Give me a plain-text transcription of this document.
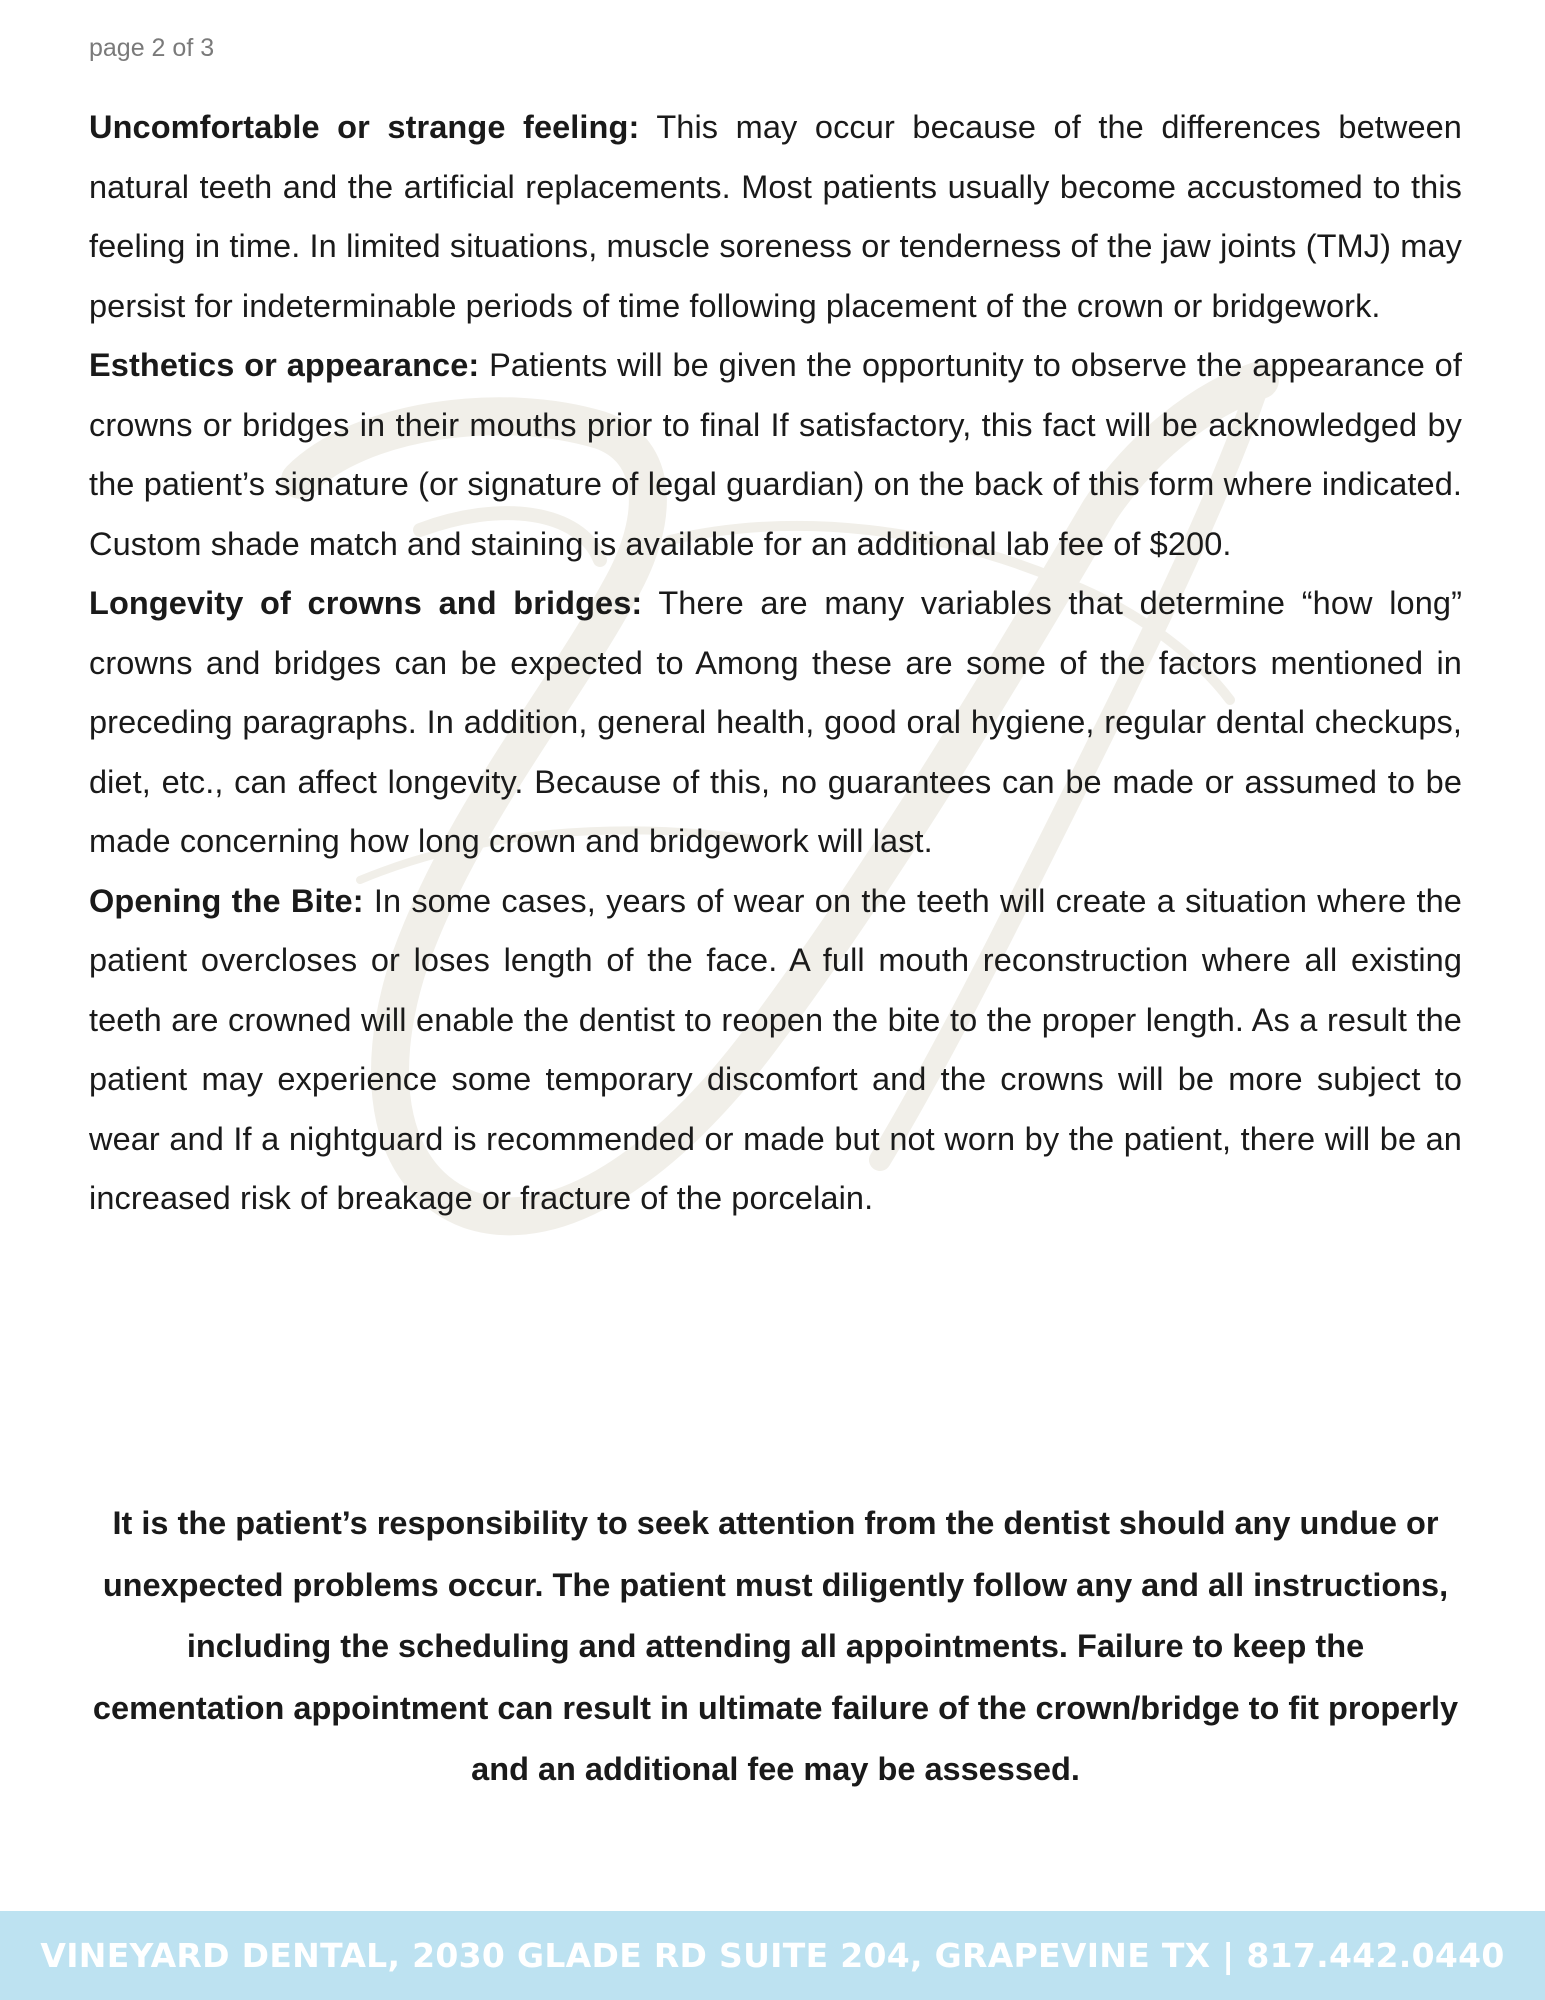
page 2 of 3

Uncomfortable or strange feeling: This may occur because of the differences between natural teeth and the artificial replacements. Most patients usually become accustomed to this feeling in time. In limited situations, muscle soreness or tenderness of the jaw joints (TMJ) may persist for indeterminable periods of time following placement of the crown or bridgework.

Esthetics or appearance: Patients will be given the opportunity to observe the appearance of crowns or bridges in their mouths prior to final If satisfactory, this fact will be acknowledged by the patient’s signature (or signature of legal guardian) on the back of this form where indicated. Custom shade match and staining is available for an additional lab fee of $200.

Longevity of crowns and bridges: There are many variables that determine “how long” crowns and bridges can be expected to Among these are some of the factors mentioned in preceding paragraphs. In addition, general health, good oral hygiene, regular dental checkups, diet, etc., can affect longevity. Because of this, no guarantees can be made or assumed to be made concerning how long crown and bridgework will last.

Opening the Bite: In some cases, years of wear on the teeth will create a situation where the patient overcloses or loses length of the face. A full mouth reconstruction where all existing teeth are crowned will enable the dentist to reopen the bite to the proper length. As a result the patient may experience some temporary discomfort and the crowns will be more subject to wear and If a nightguard is recommended or made but not worn by the patient, there will be an increased risk of breakage or fracture of the porcelain.

It is the patient’s responsibility to seek attention from the dentist should any undue or unexpected problems occur. The patient must diligently follow any and all instructions, including the scheduling and attending all appointments. Failure to keep the cementation appointment can result in ultimate failure of the crown/bridge to fit properly and an additional fee may be assessed.

VINEYARD DENTAL, 2030 GLADE RD SUITE 204, GRAPEVINE TX | 817.442.0440
